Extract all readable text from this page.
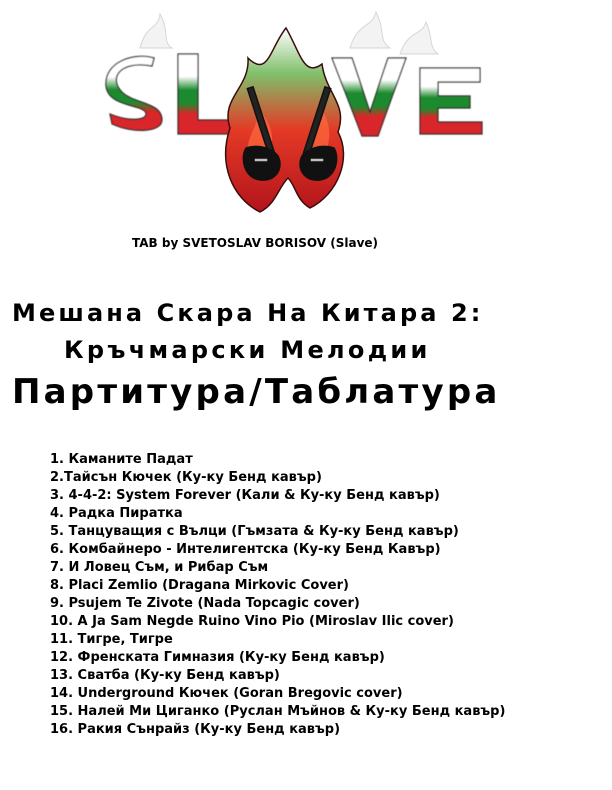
TAB by SVETOSLAV BORISOV (Slave)
Мешана Скара На Китара 2:
Кръчмарски Мелодии
Партитура/Таблатура
1. Каманите Падат
2.Тайсън Кючек (Ку-ку Бенд кавър)
3. 4-4-2: System Forever (Кали & Ку-ку Бенд кавър)
4. Радка Пиратка
5. Танцуващия с Вълци (Гъмзата & Ку-ку Бенд кавър)
6. Комбайнеро - Интелигентска (Ку-ку Бенд Кавър)
7. И Ловец Съм, и Рибар Съм
8. Placi Zemlio (Dragana Mirkovic Cover)
9. Psujem Te Zivote (Nada Topcagic cover)
10. A Ja Sam Negde Ruino Vino Pio (Miroslav Ilic cover)
11. Тигре, Тигре
12. Френската Гимназия (Ку-ку Бенд кавър)
13. Сватба (Ку-ку Бенд кавър)
14. Underground Кючек (Goran Bregovic cover)
15. Налей Ми Циганко (Руслан Мъйнов & Ку-ку Бенд кавър)
16. Ракия Сънрайз (Ку-ку Бенд кавър)
